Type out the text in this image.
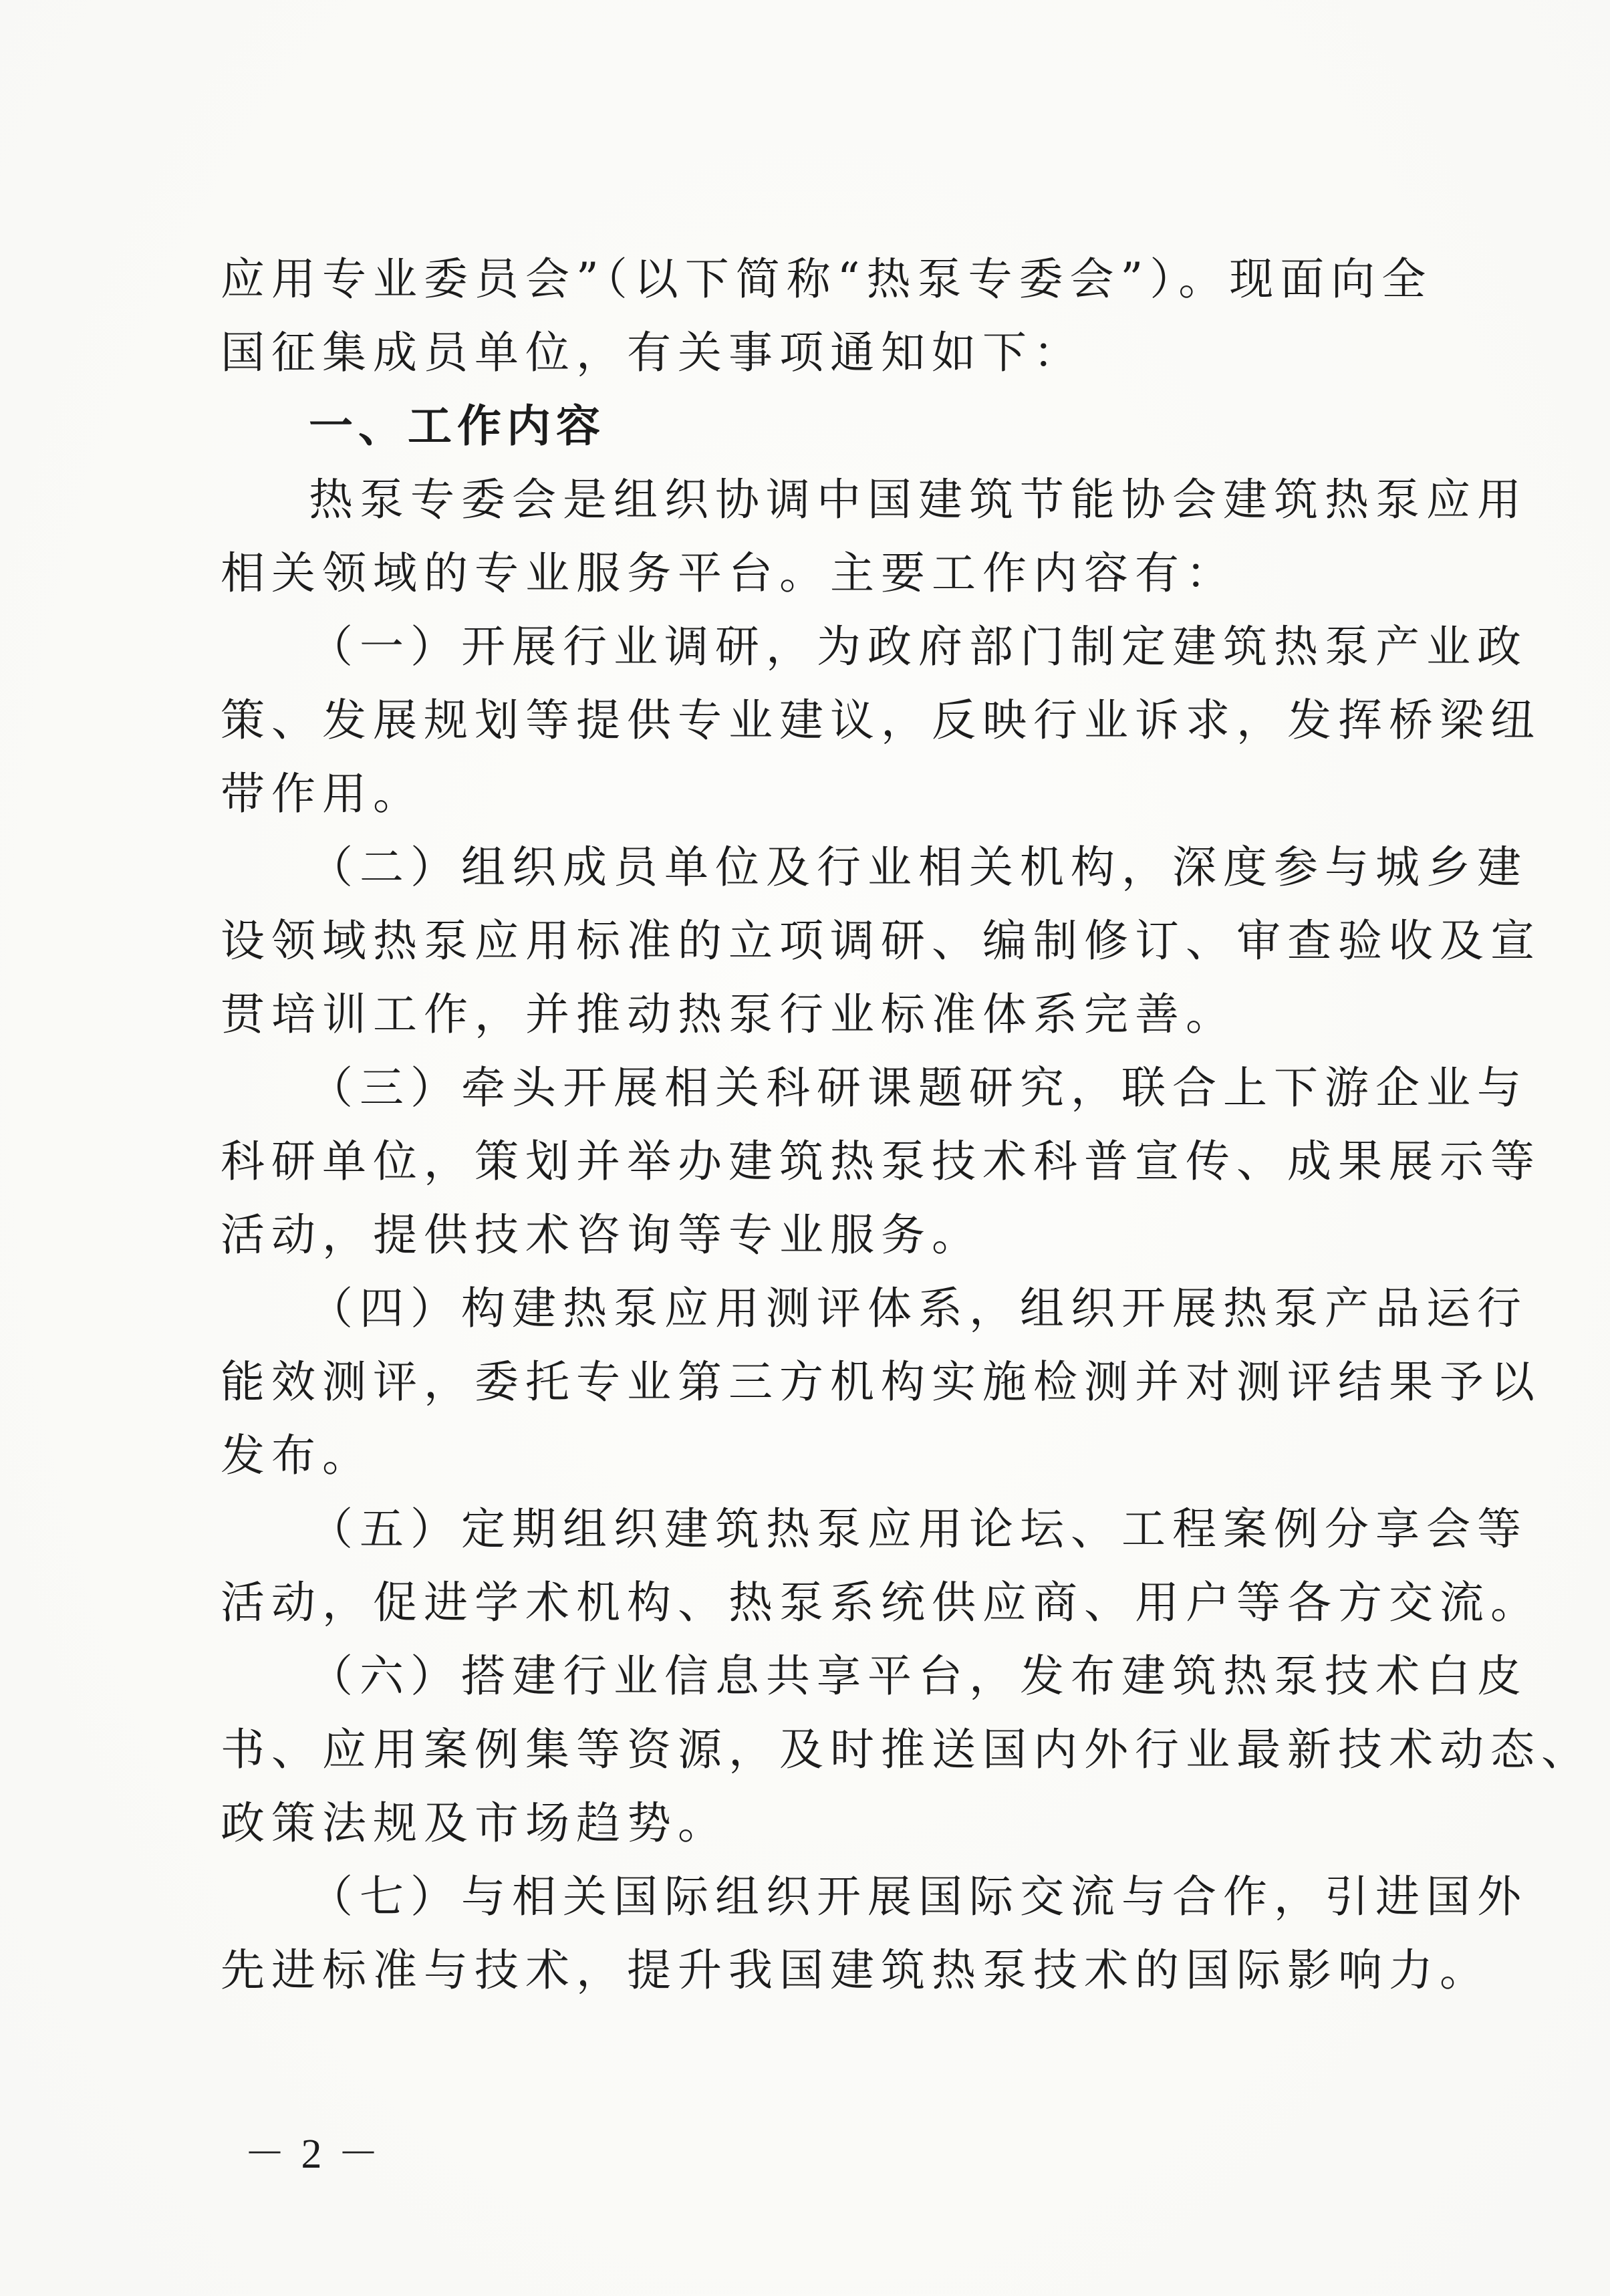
应用专业委员会”（以下简称“热泵专委会”）。现面向全
国征集成员单位，有关事项通知如下：
一、工作内容
热泵专委会是组织协调中国建筑节能协会建筑热泵应用
相关领域的专业服务平台。主要工作内容有：
（一）开展行业调研，为政府部门制定建筑热泵产业政
策、发展规划等提供专业建议，反映行业诉求，发挥桥梁纽
带作用。
（二）组织成员单位及行业相关机构，深度参与城乡建
设领域热泵应用标准的立项调研、编制修订、审查验收及宣
贯培训工作，并推动热泵行业标准体系完善。
（三）牵头开展相关科研课题研究，联合上下游企业与
科研单位，策划并举办建筑热泵技术科普宣传、成果展示等
活动，提供技术咨询等专业服务。
（四）构建热泵应用测评体系，组织开展热泵产品运行
能效测评，委托专业第三方机构实施检测并对测评结果予以
发布。
（五）定期组织建筑热泵应用论坛、工程案例分享会等
活动，促进学术机构、热泵系统供应商、用户等各方交流。
（六）搭建行业信息共享平台，发布建筑热泵技术白皮
书、应用案例集等资源，及时推送国内外行业最新技术动态、
政策法规及市场趋势。
（七）与相关国际组织开展国际交流与合作，引进国外
先进标准与技术，提升我国建筑热泵技术的国际影响力。
－ 2 －
